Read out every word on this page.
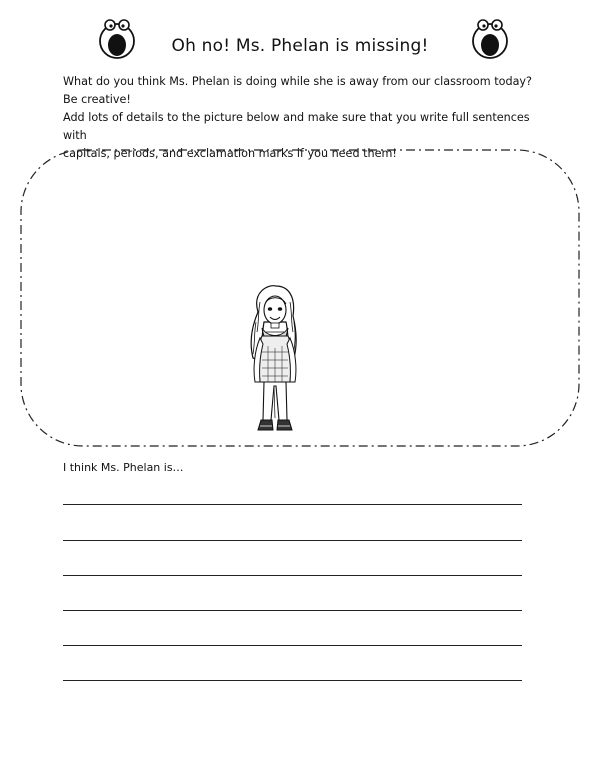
Oh no! Ms. Phelan is missing!

What do you think Ms. Phelan is doing while she is away from our classroom today?

Be creative!

Add lots of details to the picture below and make sure that you write full sentences with

capitals, periods, and exclamation marks if you need them!

I think Ms. Phelan is…
